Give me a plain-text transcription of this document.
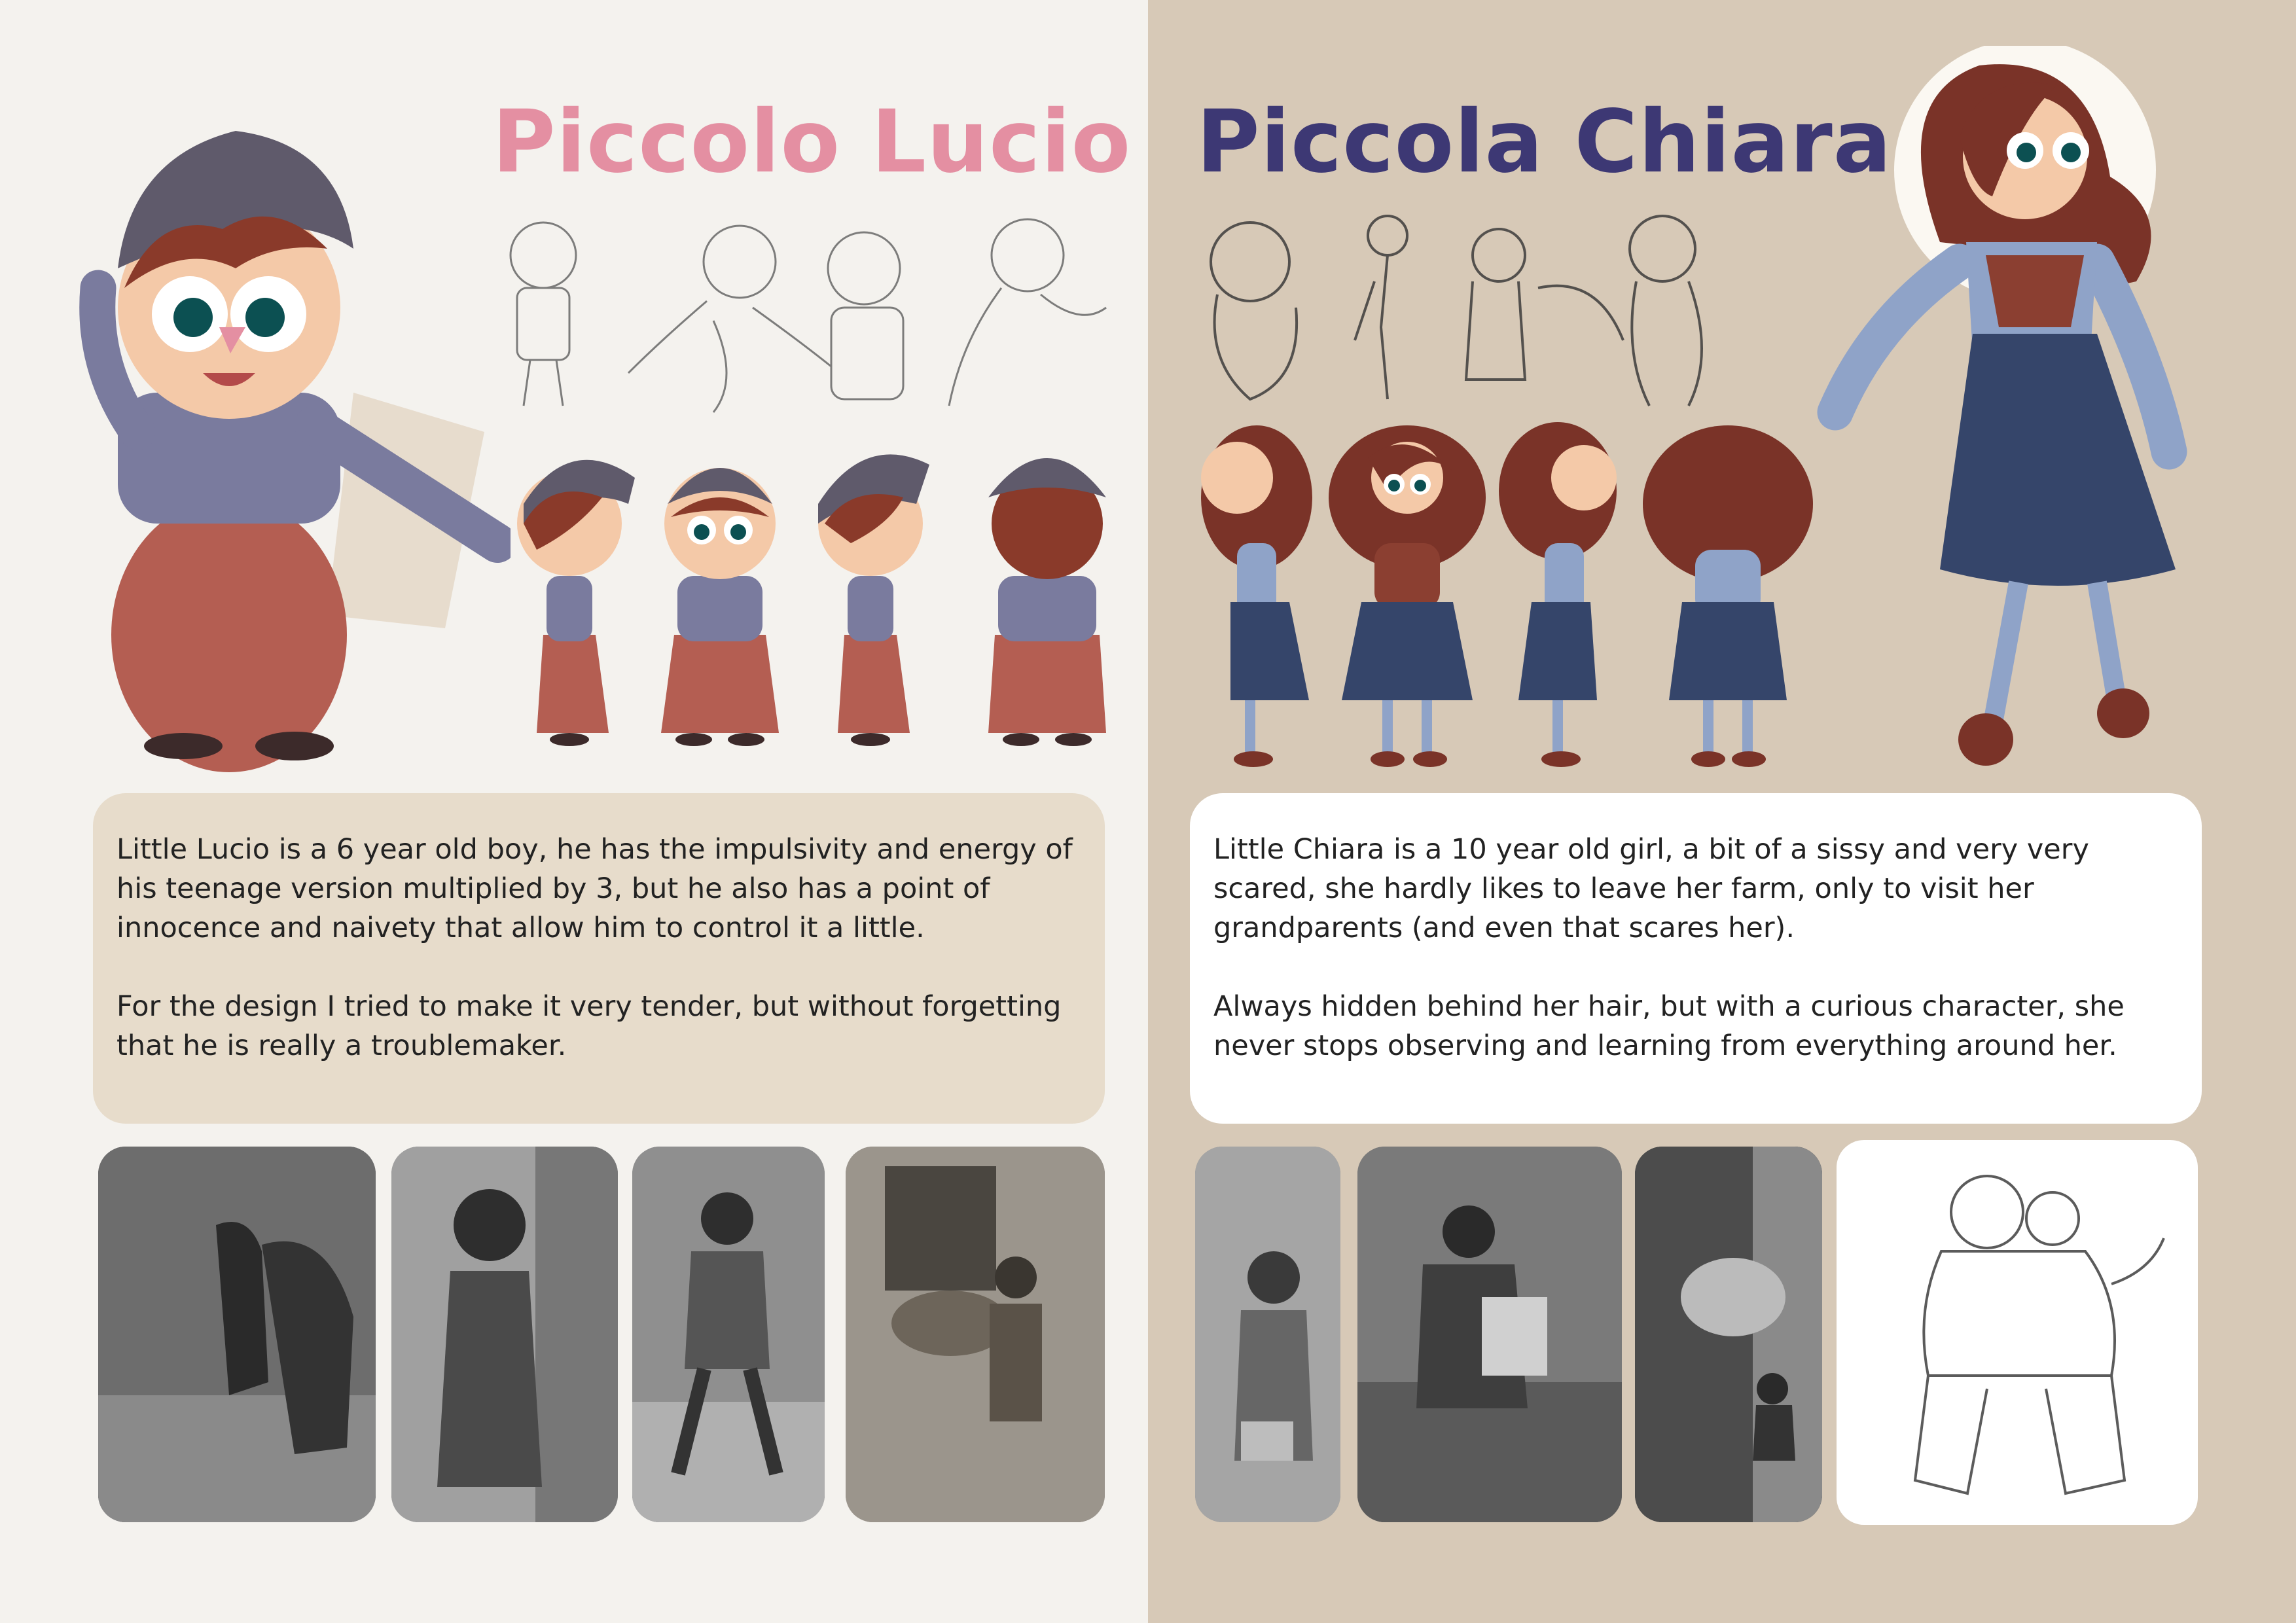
Piccolo Lucio

Little Lucio is a 6 year old boy, he has the impulsivity and energy of his teenage version multiplied by 3, but he also has a point of innocence and naivety that allow him to control it a little.

For the design I tried to make it very tender, but without forgetting that he is really a troublemaker.

Piccola Chiara

Little Chiara is a 10 year old girl, a bit of a sissy and very very scared, she hardly likes to leave her farm, only to visit her grandparents (and even that scares her).

Always hidden behind her hair, but with a curious character, she never stops observing and learning from everything around her.
